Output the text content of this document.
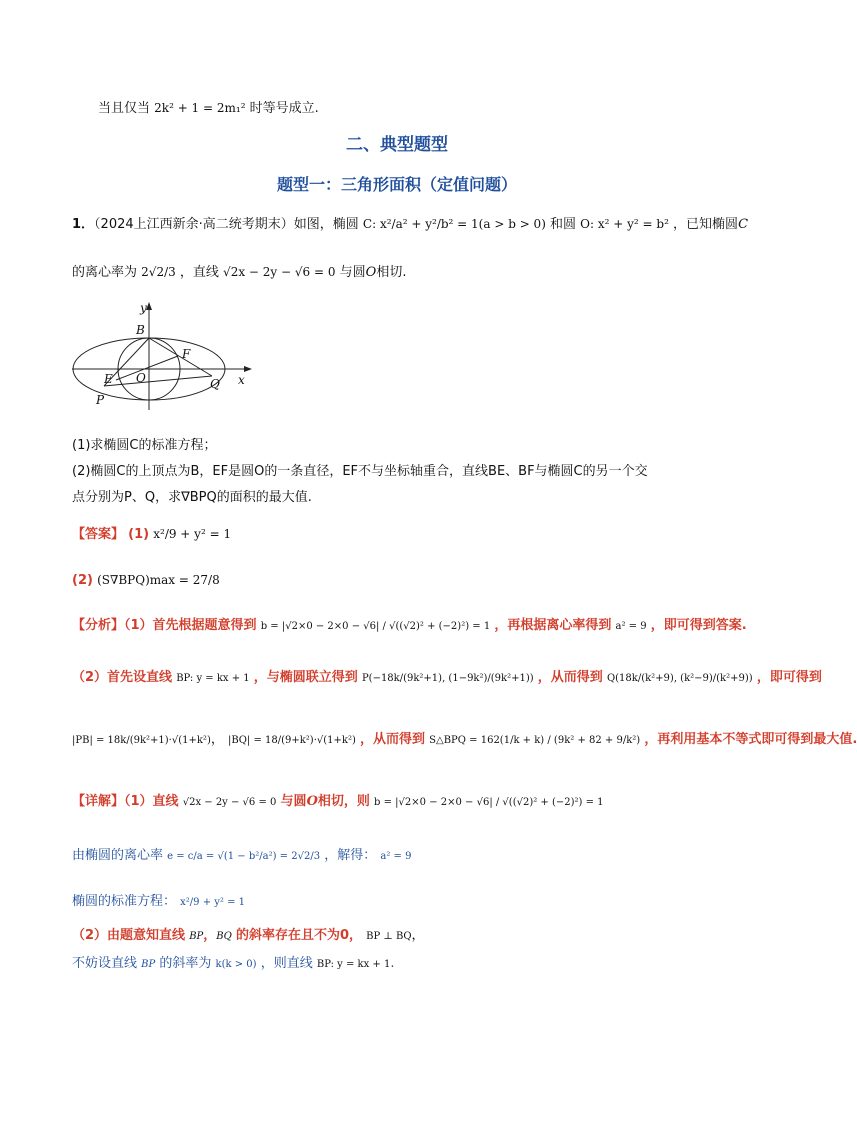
当且仅当 2k² + 1 = 2m₁² 时等号成立.
二、典型题型
题型一：三角形面积（定值问题）
1．（2024上江西新余·高二统考期末）如图，椭圆 C: x²/a² + y²/b² = 1(a > b > 0) 和圆 O: x² + y² = b² ，已知椭圆C
的离心率为 2√2/3 ，直线 √2x − 2y − √6 = 0 与圆O相切.
y
x
B
F
E O	Q
P
(1)求椭圆C的标准方程；
(2)椭圆C的上顶点为B，EF是圆O的一条直径，EF不与坐标轴重合，直线BE、BF与椭圆C的另一个交
点分别为P、Q，求∇BPQ的面积的最大值.
【答案】 (1) x²/9 + y² = 1
(2) (S∇BPQ)max = 27/8
【分析】（1）首先根据题意得到 b = |√2×0 − 2×0 − √6| / √((√2)² + (−2)²) = 1 ，再根据离心率得到 a² = 9 ，即可得到答案.
（2）首先设直线 BP: y = kx + 1 ，与椭圆联立得到 P(−18k/(9k²+1), (1−9k²)/(9k²+1)) ，从而得到 Q(18k/(k²+9), (k²−9)/(k²+9)) ，即可得到
|PB| = 18k/(9k²+1)·√(1+k²)， |BQ| = 18/(9+k²)·√(1+k²) ，从而得到 S△BPQ = 162(1/k + k) / (9k² + 82 + 9/k²) ，再利用基本不等式即可得到最大值.
【详解】（1）直线 √2x − 2y − √6 = 0 与圆O相切，则 b = |√2×0 − 2×0 − √6| / √((√2)² + (−2)²) = 1
由椭圆的离心率 e = c/a = √(1 − b²/a²) = 2√2/3 ，解得： a² = 9
椭圆的标准方程： x²/9 + y² = 1
（2）由题意知直线 BP，BQ 的斜率存在且不为0， BP ⊥ BQ，
不妨设直线 BP 的斜率为 k(k > 0) ，则直线 BP: y = kx + 1.
